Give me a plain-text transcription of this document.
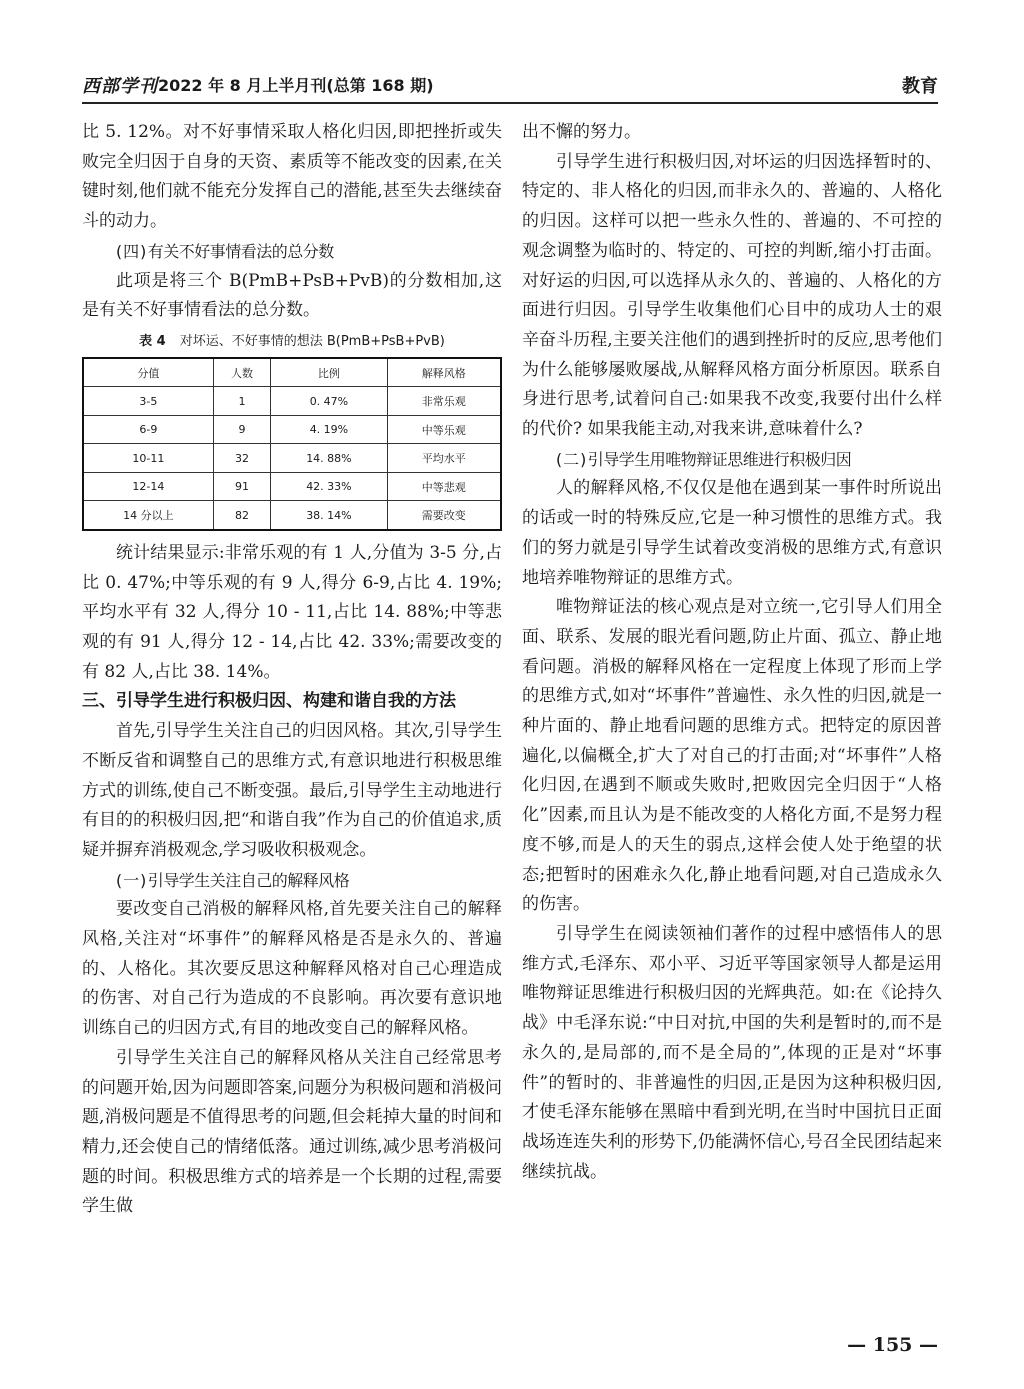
西部学刊 2022 年 8 月上半月刊(总第 168 期)	教育

比 5. 12%。对不好事情采取人格化归因,即把挫折或失败完全归因于自身的天资、素质等不能改变的因素,在关键时刻,他们就不能充分发挥自己的潜能,甚至失去继续奋斗的动力。

(四)有关不好事情看法的总分数

此项是将三个 B(PmB+PsB+PvB)的分数相加,这是有关不好事情看法的总分数。

表 4 对坏运、不好事情的想法 B(PmB+PsB+PvB)
分值	人数	比例	解释风格
3-5	1	0. 47%	非常乐观
6-9	9	4. 19%	中等乐观
10-11	32	14. 88%	平均水平
12-14	91	42. 33%	中等悲观
14 分以上	82	38. 14%	需要改变

统计结果显示:非常乐观的有 1 人,分值为 3-5 分,占比 0. 47%;中等乐观的有 9 人,得分 6-9,占比 4. 19%;平均水平有 32 人,得分 10 - 11,占比 14. 88%;中等悲观的有 91 人,得分 12 - 14,占比 42. 33%;需要改变的有 82 人,占比 38. 14%。

三、引导学生进行积极归因、构建和谐自我的方法

首先,引导学生关注自己的归因风格。其次,引导学生不断反省和调整自己的思维方式,有意识地进行积极思维方式的训练,使自己不断变强。最后,引导学生主动地进行有目的的积极归因,把“和谐自我”作为自己的价值追求,质疑并摒弃消极观念,学习吸收积极观念。

(一)引导学生关注自己的解释风格

要改变自己消极的解释风格,首先要关注自己的解释风格,关注对“坏事件”的解释风格是否是永久的、普遍的、人格化。其次要反思这种解释风格对自己心理造成的伤害、对自己行为造成的不良影响。再次要有意识地训练自己的归因方式,有目的地改变自己的解释风格。

引导学生关注自己的解释风格从关注自己经常思考的问题开始,因为问题即答案,问题分为积极问题和消极问题,消极问题是不值得思考的问题,但会耗掉大量的时间和精力,还会使自己的情绪低落。通过训练,减少思考消极问题的时间。积极思维方式的培养是一个长期的过程,需要学生做

出不懈的努力。

引导学生进行积极归因,对坏运的归因选择暂时的、特定的、非人格化的归因,而非永久的、普遍的、人格化的归因。这样可以把一些永久性的、普遍的、不可控的观念调整为临时的、特定的、可控的判断,缩小打击面。对好运的归因,可以选择从永久的、普遍的、人格化的方面进行归因。引导学生收集他们心目中的成功人士的艰辛奋斗历程,主要关注他们的遇到挫折时的反应,思考他们为什么能够屡败屡战,从解释风格方面分析原因。联系自身进行思考,试着问自己:如果我不改变,我要付出什么样的代价? 如果我能主动,对我来讲,意味着什么?

(二)引导学生用唯物辩证思维进行积极归因

人的解释风格,不仅仅是他在遇到某一事件时所说出的话或一时的特殊反应,它是一种习惯性的思维方式。我们的努力就是引导学生试着改变消极的思维方式,有意识地培养唯物辩证的思维方式。

唯物辩证法的核心观点是对立统一,它引导人们用全面、联系、发展的眼光看问题,防止片面、孤立、静止地看问题。消极的解释风格在一定程度上体现了形而上学的思维方式,如对“坏事件”普遍性、永久性的归因,就是一种片面的、静止地看问题的思维方式。把特定的原因普遍化,以偏概全,扩大了对自己的打击面;对“坏事件”人格化归因,在遇到不顺或失败时,把败因完全归因于“人格化”因素,而且认为是不能改变的人格化方面,不是努力程度不够,而是人的天生的弱点,这样会使人处于绝望的状态;把暂时的困难永久化,静止地看问题,对自己造成永久的伤害。

引导学生在阅读领袖们著作的过程中感悟伟人的思维方式,毛泽东、邓小平、习近平等国家领导人都是运用唯物辩证思维进行积极归因的光辉典范。如:在《论持久战》中毛泽东说:“中日对抗,中国的失利是暂时的,而不是永久的,是局部的,而不是全局的”,体现的正是对“坏事件”的暂时的、非普遍性的归因,正是因为这种积极归因,才使毛泽东能够在黑暗中看到光明,在当时中国抗日正面战场连连失利的形势下,仍能满怀信心,号召全民团结起来继续抗战。

— 155 —
